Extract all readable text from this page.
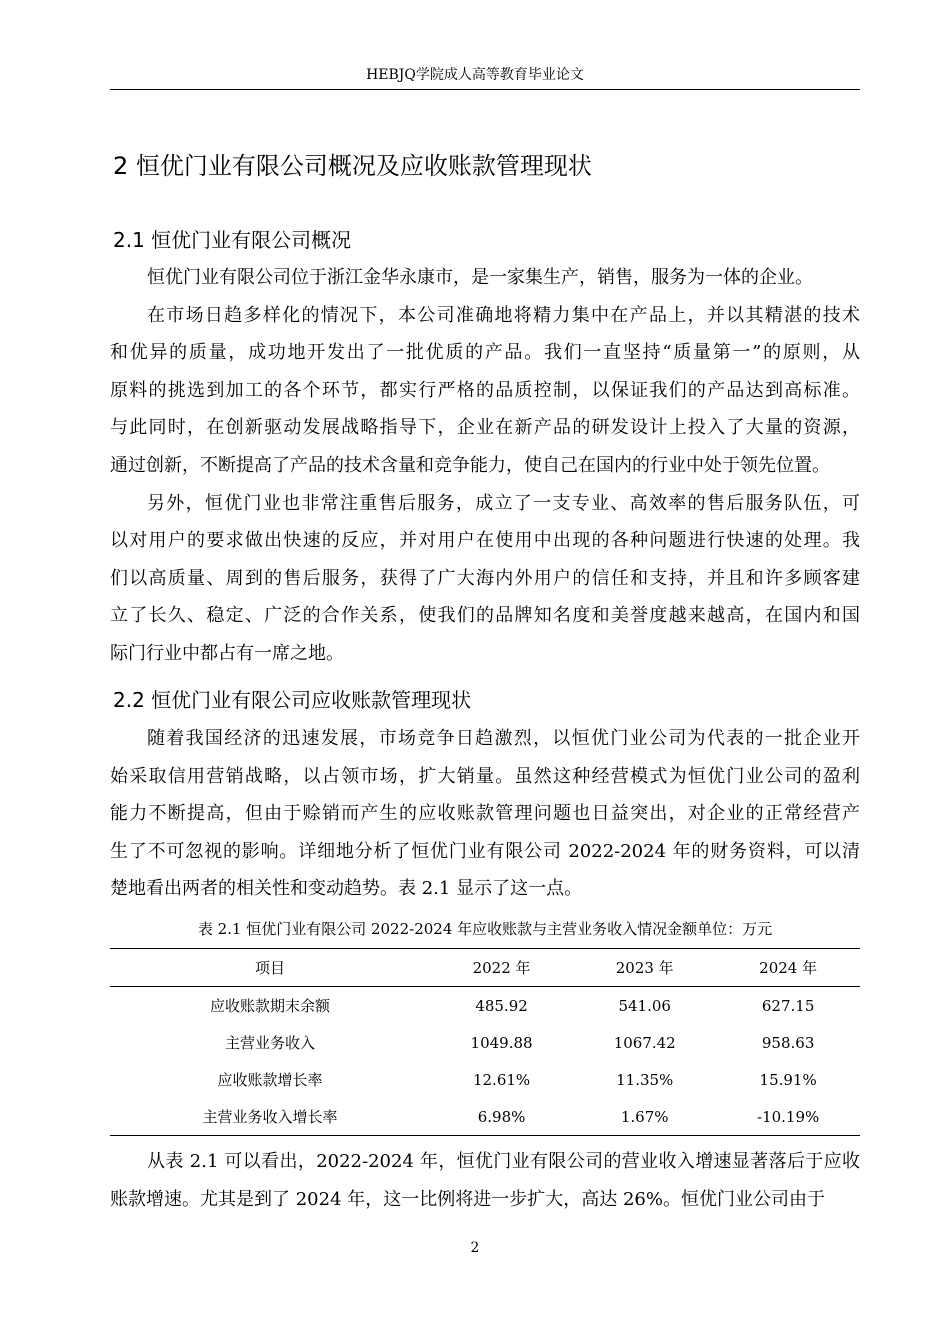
HEBJQ学院成人高等教育毕业论文
2 恒优门业有限公司概况及应收账款管理现状
2.1 恒优门业有限公司概况
恒优门业有限公司位于浙江金华永康市，是一家集生产，销售，服务为一体的企业。
在市场日趋多样化的情况下，本公司准确地将精力集中在产品上，并以其精湛的技术
和优异的质量，成功地开发出了一批优质的产品。我们一直坚持“质量第一”的原则，从
原料的挑选到加工的各个环节，都实行严格的品质控制，以保证我们的产品达到高标准。
与此同时，在创新驱动发展战略指导下，企业在新产品的研发设计上投入了大量的资源，
通过创新，不断提高了产品的技术含量和竞争能力，使自己在国内的行业中处于领先位置。
另外，恒优门业也非常注重售后服务，成立了一支专业、高效率的售后服务队伍，可
以对用户的要求做出快速的反应，并对用户在使用中出现的各种问题进行快速的处理。我
们以高质量、周到的售后服务，获得了广大海内外用户的信任和支持，并且和许多顾客建
立了长久、稳定、广泛的合作关系，使我们的品牌知名度和美誉度越来越高，在国内和国
际门行业中都占有一席之地。
2.2 恒优门业有限公司应收账款管理现状
随着我国经济的迅速发展，市场竞争日趋激烈，以恒优门业公司为代表的一批企业开
始采取信用营销战略，以占领市场，扩大销量。虽然这种经营模式为恒优门业公司的盈利
能力不断提高，但由于赊销而产生的应收账款管理问题也日益突出，对企业的正常经营产
生了不可忽视的影响。详细地分析了恒优门业有限公司 2022-2024 年的财务资料，可以清
楚地看出两者的相关性和变动趋势。表 2.1 显示了这一点。
表 2.1 恒优门业有限公司 2022-2024 年应收账款与主营业务收入情况金额单位：万元
项目	2022 年	2023 年	2024 年
应收账款期末余额	485.92	541.06	627.15
主营业务收入	1049.88	1067.42	958.63
应收账款增长率	12.61%	11.35%	15.91%
主营业务收入增长率	6.98%	1.67%	-10.19%
从表 2.1 可以看出，2022-2024 年，恒优门业有限公司的营业收入增速显著落后于应收
账款增速。尤其是到了 2024 年，这一比例将进一步扩大，高达 26%。恒优门业公司由于
2
